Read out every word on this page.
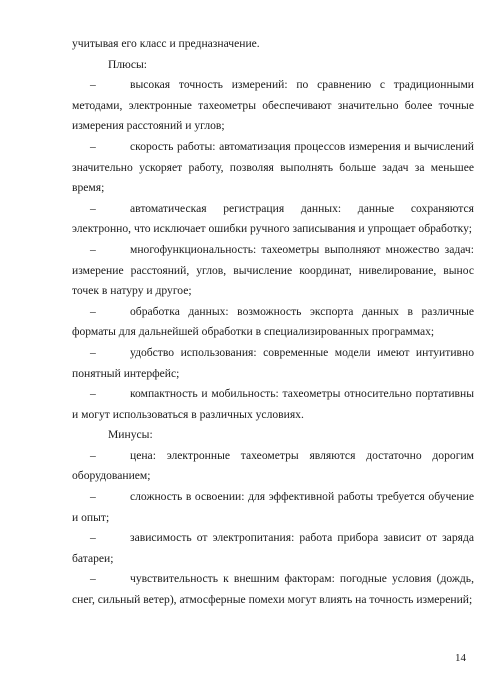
учитывая его класс и предназначение.

Плюсы:

–	высокая точность измерений: по сравнению с традиционными методами, электронные тахеометры обеспечивают значительно более точные измерения расстояний и углов;

–	скорость работы: автоматизация процессов измерения и вычислений значительно ускоряет работу, позволяя выполнять больше задач за меньшее время;

–	автоматическая регистрация данных: данные сохраняются электронно, что исключает ошибки ручного записывания и упрощает обработку;

–	многофункциональность: тахеометры выполняют множество задач: измерение расстояний, углов, вычисление координат, нивелирование, вынос точек в натуру и другое;

–	обработка данных: возможность экспорта данных в различные форматы для дальнейшей обработки в специализированных программах;

–	удобство использования: современные модели имеют интуитивно понятный интерфейс;

–	компактность и мобильность: тахеометры относительно портативны и могут использоваться в различных условиях.

Минусы:

–	цена: электронные тахеометры являются достаточно дорогим оборудованием;

–	сложность в освоении: для эффективной работы требуется обучение и опыт;

–	зависимость от электропитания: работа прибора зависит от заряда батареи;

–	чувствительность к внешним факторам: погодные условия (дождь, снег, сильный ветер), атмосферные помехи могут влиять на точность измерений;

14
